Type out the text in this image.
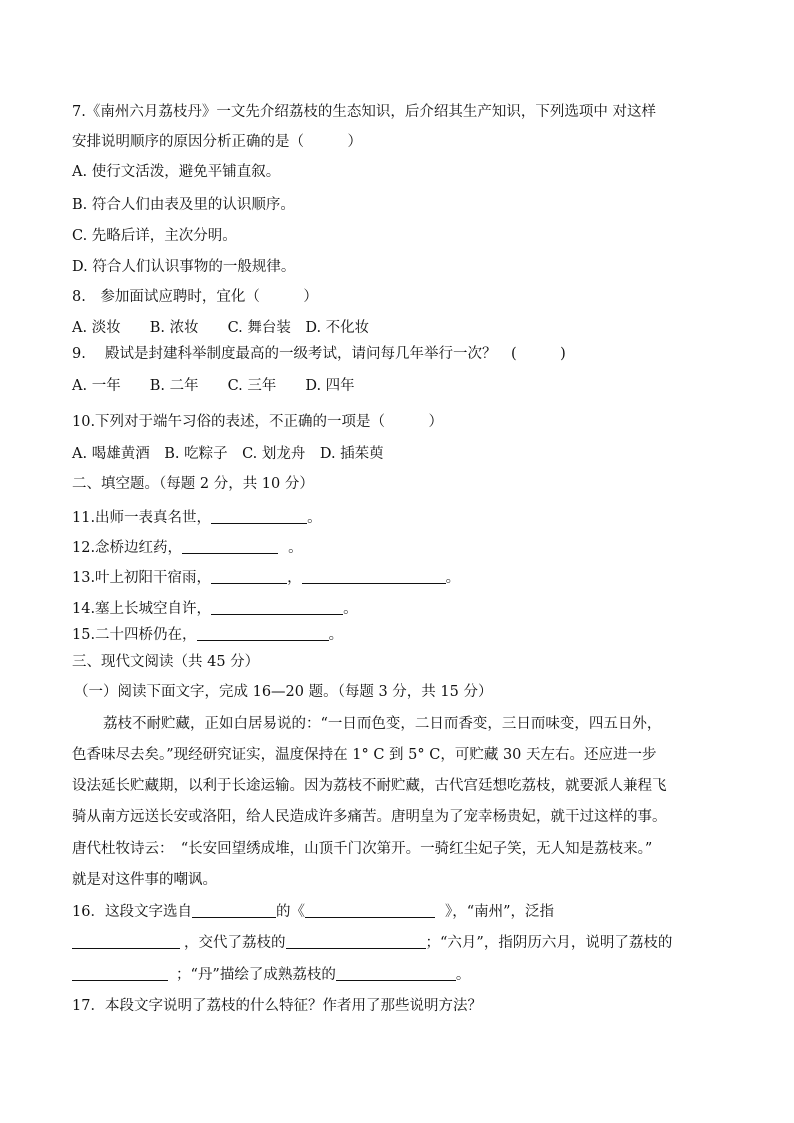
7.《南州六月荔枝丹》一文先介绍荔枝的生态知识，后介绍其生产知识，下列选项中 对这样
安排说明顺序的原因分析正确的是（　　　）
A. 使行文活泼，避免平铺直叙。
B. 符合人们由表及里的认识顺序。
C. 先略后详，主次分明。
D. 符合人们认识事物的一般规律。
8.　参加面试应聘时，宜化（　　　）
A. 淡妆　　B. 浓妆　　C. 舞台装　D. 不化妆
9.　 殿试是封建科举制度最高的一级考试，请问每几年举行一次？　(　　　)
A. 一年　　B. 二年　　C. 三年　　D. 四年
10.下列对于端午习俗的表述，不正确的一项是（　　　）
A. 喝雄黄酒　B. 吃粽子　C. 划龙舟　D. 插茱萸
二、填空题。（每题 2 分，共 10 分）
11.出师一表真名世，	。
12.念桥边红药，	。
13.叶上初阳干宿雨，	，	。
14.塞上长城空自许，	。
15.二十四桥仍在，	。
三、现代文阅读（共 45 分）
（一）阅读下面文字，完成 16—20 题。（每题 3 分，共 15 分）
荔枝不耐贮藏，正如白居易说的：“一日而色变，二日而香变，三日而味变，四五日外，
色香味尽去矣。”现经研究证实，温度保持在 1° C 到 5° C，可贮藏 30 天左右。还应进一步
设法延长贮藏期，以利于长途运输。因为荔枝不耐贮藏，古代宫廷想吃荔枝，就要派人兼程飞
骑从南方远送长安或洛阳，给人民造成许多痛苦。唐明皇为了宠幸杨贵妃，就干过这样的事。
唐代杜牧诗云：　“长安回望绣成堆，山顶千门次第开。一骑红尘妃子笑，无人知是荔枝来。”
就是对这件事的嘲讽。
16．这段文字选自	的《	》，“南州”，泛指
，交代了荔枝的	；“六月”，指阴历六月，说明了荔枝的
；“丹”描绘了成熟荔枝的	。
17．本段文字说明了荔枝的什么特征？作者用了那些说明方法？
